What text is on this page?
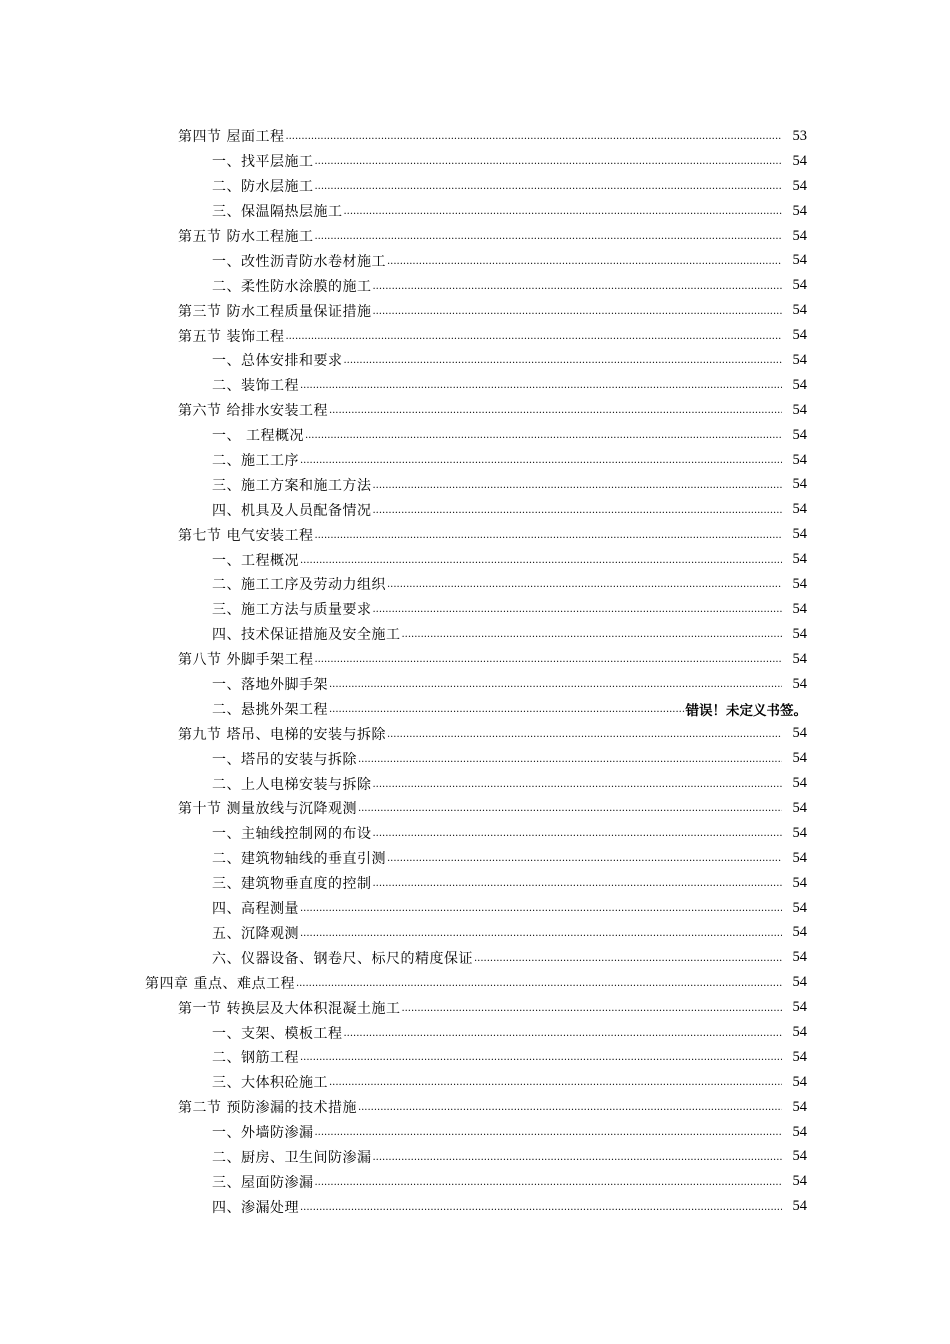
第四节 屋面工程 .....	53
一、找平层施工 .....	54
二、防水层施工 .....	54
三、保温隔热层施工 .....	54
第五节 防水工程施工 .....	54
一、改性沥青防水卷材施工 .....	54
二、柔性防水涂膜的施工 .....	54
第三节 防水工程质量保证措施 .....	54
第五节 装饰工程 .....	54
一、总体安排和要求 .....	54
二、装饰工程 .....	54
第六节 给排水安装工程 .....	54
一、 工程概况 .....	54
二、施工工序 .....	54
三、施工方案和施工方法 .....	54
四、机具及人员配备情况 .....	54
第七节 电气安装工程 .....	54
一、工程概况 .....	54
二、施工工序及劳动力组织 .....	54
三、施工方法与质量要求 .....	54
四、技术保证措施及安全施工 .....	54
第八节 外脚手架工程 .....	54
一、落地外脚手架 .....	54
二、悬挑外架工程 .....	错误！未定义书签。
第九节 塔吊、电梯的安装与拆除 .....	54
一、塔吊的安装与拆除 .....	54
二、上人电梯安装与拆除 .....	54
第十节 测量放线与沉降观测 .....	54
一、主轴线控制网的布设 .....	54
二、建筑物轴线的垂直引测 .....	54
三、建筑物垂直度的控制 .....	54
四、高程测量 .....	54
五、沉降观测 .....	54
六、仪器设备、钢卷尺、标尺的精度保证 .....	54
第四章 重点、难点工程 .....	54
第一节 转换层及大体积混凝土施工 .....	54
一、支架、模板工程 .....	54
二、钢筋工程 .....	54
三、大体积砼施工 .....	54
第二节 预防渗漏的技术措施 .....	54
一、外墙防渗漏 .....	54
二、厨房、卫生间防渗漏 .....	54
三、屋面防渗漏 .....	54
四、渗漏处理 .....	54
